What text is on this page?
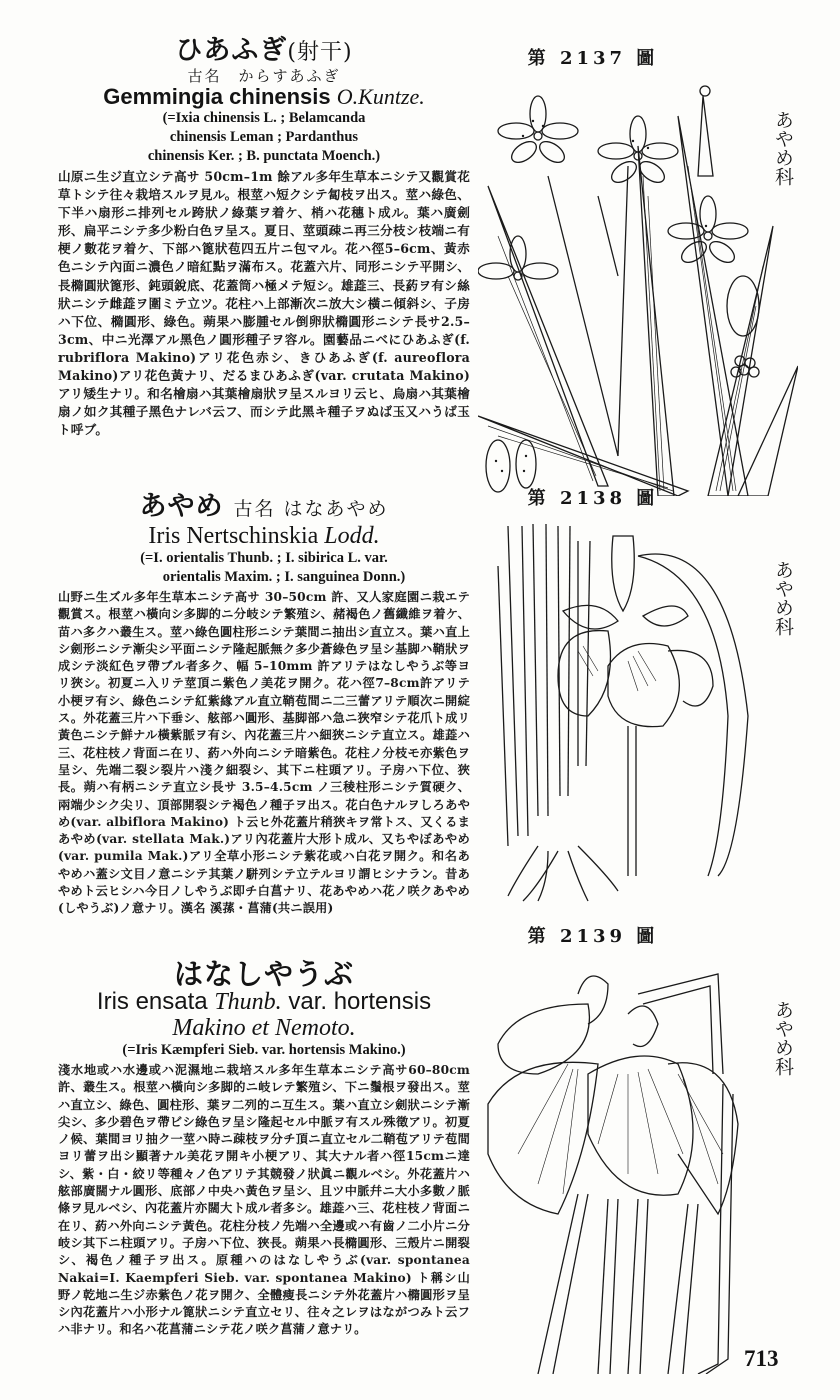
ひあふぎ(射干)
古名　からすあふぎ
Gemmingia chinensis O.Kuntze.
(=Ixia chinensis L. ; Belamcanda
chinensis Leman ; Pardanthus
chinensis Ker. ; B. punctata Moench.)

山原ニ生ジ直立シテ高サ 50cm–1m 餘アル多年生草本ニシテ又觀賞花草トシテ往々栽培スルヲ見ル。根莖ハ短クシテ匐枝ヲ出ス。莖ハ綠色、下半ハ扇形ニ排列セル跨狀ノ綠葉ヲ着ケ、梢ハ花穗ト成ル。葉ハ廣劍形、扁平ニシテ多少粉白色ヲ呈ス。夏日、莖頭疎ニ再三分枝シ枝端ニ有梗ノ數花ヲ着ケ、下部ハ篦狀苞四五片ニ包マル。花ハ徑5–6cm、黃赤色ニシテ內面ニ濃色ノ暗紅點ヲ滿布ス。花蓋六片、同形ニシテ平開シ、長橢圓狀篦形、鈍頭銳底、花蓋筒ハ極メテ短シ。雄蕋三、長葯ヲ有シ絲狀ニシテ雌蕋ヲ圍ミテ立ツ。花柱ハ上部漸次ニ放大シ橫ニ傾斜シ、子房ハ下位、橢圓形、綠色。蒴果ハ膨腫セル倒卵狀橢圓形ニシテ長サ2.5–3cm、中ニ光澤アル黑色ノ圓形種子ヲ容ル。園藝品ニベにひあふぎ(f. rubriflora Makino)アリ花色赤シ、きひあふぎ(f. aureoflora Makino)アリ花色黃ナリ、だるまひあふぎ(var. crutata Makino) アリ矮生ナリ。和名檜扇ハ其葉檜扇狀ヲ呈スルヨリ云ヒ、烏扇ハ其葉檜扇ノ如ク其種子黑色ナレバ云フ、而シテ此黑キ種子ヲぬば玉又ハうば玉ト呼ブ。

あやめ 古名 はなあやめ
Iris Nertschinskia Lodd.
(=I. orientalis Thunb. ; I. sibirica L. var.
orientalis Maxim. ; I. sanguinea Donn.)

山野ニ生ズル多年生草本ニシテ高サ 30–50cm 許、又人家庭園ニ栽エテ觀賞ス。根莖ハ橫向シ多脚的ニ分岐シテ繁殖シ、赭褐色ノ舊纖維ヲ着ケ、苗ハ多クハ叢生ス。莖ハ綠色圓柱形ニシテ葉間ニ抽出シ直立ス。葉ハ直上シ劍形ニシテ漸尖シ平面ニシテ隆起脈無ク多少蒼綠色ヲ呈シ基脚ハ鞘狀ヲ成シテ淡紅色ヲ帶ブル者多ク、幅 5–10mm 許アリテはなしやうぶ等ヨリ狹シ。初夏ニ入リテ莖頂ニ紫色ノ美花ヲ開ク。花ハ徑7–8cm許アリテ小梗ヲ有シ、綠色ニシテ紅紫緣アル直立鞘苞間ニ二三蕾アリテ順次ニ開綻ス。外花蓋三片ハ下垂シ、舷部ハ圓形、基脚部ハ急ニ狹窄シテ花爪ト成リ黃色ニシテ鮮ナル橫紫脈ヲ有シ、內花蓋三片ハ細狹ニシテ直立ス。雄蕋ハ三、花柱枝ノ背面ニ在リ、葯ハ外向ニシテ暗紫色。花柱ノ分枝モ亦紫色ヲ呈シ、先端二裂シ裂片ハ淺ク細裂シ、其下ニ柱頭アリ。子房ハ下位、狹長。蒴ハ有柄ニシテ直立シ長サ 3.5–4.5cm ノ三稜柱形ニシテ質硬ク、兩端少シク尖リ、頂部開裂シテ褐色ノ種子ヲ出ス。花白色ナルヲしろあやめ(var. albiflora Makino) ト云ヒ外花蓋片稍狹キヲ常トス、又くるまあやめ(var. stellata Mak.)アリ內花蓋片大形ト成ル、又ちやぼあやめ(var. pumila Mak.)アリ全草小形ニシテ紫花或ハ白花ヲ開ク。和名あやめハ蓋シ文目ノ意ニシテ其葉ノ駢列シテ立テルヨリ謂ヒシナラン。昔あやめト云ヒシハ今日ノしやうぶ即チ白菖ナリ、花あやめハ花ノ咲クあやめ(しやうぶ)ノ意ナリ。漢名 溪蓀・菖蒲(共ニ誤用)

はなしやうぶ
Iris ensata Thunb. var. hortensis
Makino et Nemoto.
(=Iris Kæmpferi Sieb. var. hortensis Makino.)

淺水地或ハ水邊或ハ泥濕地ニ栽培スル多年生草本ニシテ高サ60–80cm許、叢生ス。根莖ハ橫向シ多脚的ニ岐レテ繁殖シ、下ニ鬚根ヲ發出ス。莖ハ直立シ、綠色、圓柱形、葉ヲ二列的ニ互生ス。葉ハ直立シ劍狀ニシテ漸尖シ、多少碧色ヲ帶ビシ綠色ヲ呈シ隆起セル中脈ヲ有スル殊徵アリ。初夏ノ候、葉間ヨリ抽ク一莖ハ時ニ疎枝ヲ分チ頂ニ直立セル二鞘苞アリテ苞間ヨリ蕾ヲ出シ顯著ナル美花ヲ開キ小梗アリ、其大ナル者ハ徑15cmニ達シ、紫・白・絞リ等種々ノ色アリテ其競發ノ狀眞ニ觀ルベシ。外花蓋片ハ舷部廣闊ナル圓形、底部ノ中央ハ黃色ヲ呈シ、且ツ中脈幷ニ大小多數ノ脈條ヲ見ルベシ、內花蓋片亦闊大ト成ル者多シ。雄蕋ハ三、花柱枝ノ背面ニ在リ、葯ハ外向ニシテ黃色。花柱分枝ノ先端ハ全邊或ハ有齒ノ二小片ニ分岐シ其下ニ柱頭アリ。子房ハ下位、狹長。蒴果ハ長橢圓形、三殼片ニ開裂シ、褐色ノ種子ヲ出ス。原種ハのはなしやうぶ(var. spontanea Nakai=I. Kaempferi Sieb. var. spontanea Makino) ト稱シ山野ノ乾地ニ生ジ赤紫色ノ花ヲ開ク、全體瘦長ニシテ外花蓋片ハ橢圓形ヲ呈シ內花蓋片ハ小形ナル篦狀ニシテ直立セリ、往々之レヲはながつみト云フハ非ナリ。和名ハ花菖蒲ニシテ花ノ咲ク菖蒲ノ意ナリ。

第 2137 圖
あやめ科
第 2138 圖
あやめ科
第 2139 圖
あやめ科
713
